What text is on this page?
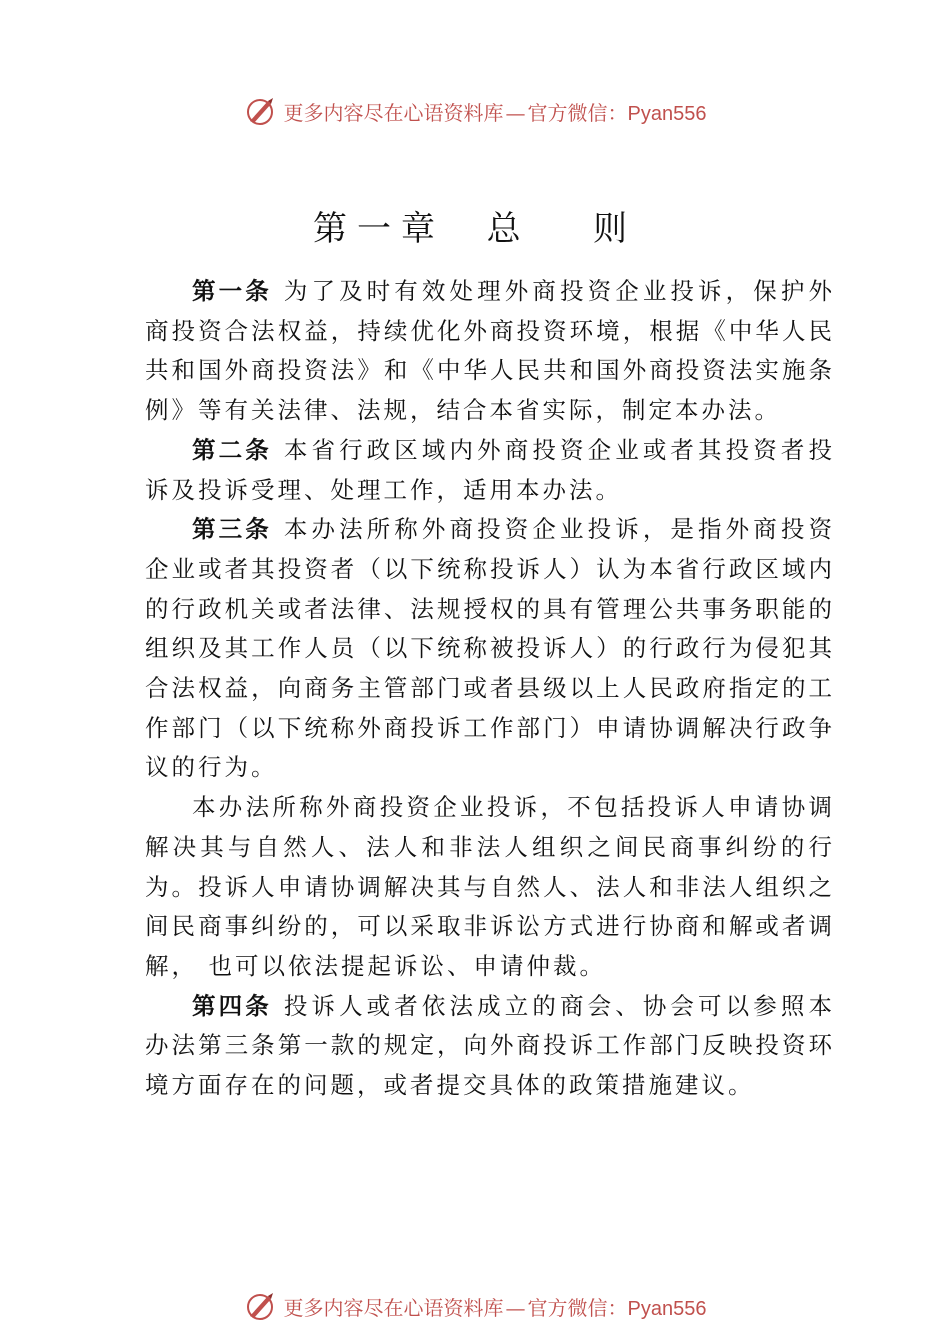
更多内容尽在心语资料库 — 官方微信：Pyan556
第一章  总   则

第一条 为了及时有效处理外商投资企业投诉，保护外商投资合法权益，持续优化外商投资环境，根据《中华人民共和国外商投资法》和《中华人民共和国外商投资法实施条例》等有关法律、法规，结合本省实际，制定本办法。

第二条 本省行政区域内外商投资企业或者其投资者投诉及投诉受理、处理工作，适用本办法。

第三条 本办法所称外商投资企业投诉，是指外商投资企业或者其投资者（以下统称投诉人）认为本省行政区域内的行政机关或者法律、法规授权的具有管理公共事务职能的组织及其工作人员（以下统称被投诉人）的行政行为侵犯其合法权益，向商务主管部门或者县级以上人民政府指定的工作部门（以下统称外商投诉工作部门）申请协调解决行政争议的行为。

本办法所称外商投资企业投诉，不包括投诉人申请协调解决其与自然人、法人和非法人组织之间民商事纠纷的行为。投诉人申请协调解决其与自然人、法人和非法人组织之间民商事纠纷的，可以采取非诉讼方式进行协商和解或者调解， 也可以依法提起诉讼、申请仲裁。

第四条 投诉人或者依法成立的商会、协会可以参照本办法第三条第一款的规定，向外商投诉工作部门反映投资环境方面存在的问题，或者提交具体的政策措施建议。

更多内容尽在心语资料库 — 官方微信：Pyan556
